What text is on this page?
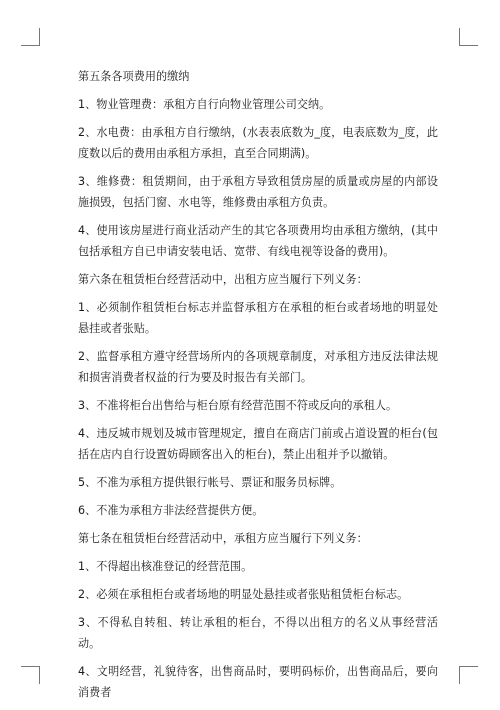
第五条各项费用的缴纳

1、物业管理费：承租方自行向物业管理公司交纳。

2、水电费：由承租方自行缴纳，(水表表底数为_度，电表底数为_度，此度数以后的费用由承租方承担，直至合同期满)。

3、维修费：租赁期间，由于承租方导致租赁房屋的质量或房屋的内部设施损毁，包括门窗、水电等，维修费由承租方负责。

4、使用该房屋进行商业活动产生的其它各项费用均由承租方缴纳，(其中包括承租方自已申请安装电话、宽带、有线电视等设备的费用)。

第六条在租赁柜台经营活动中，出租方应当履行下列义务：

1、必须制作租赁柜台标志并监督承租方在承租的柜台或者场地的明显处悬挂或者张贴。

2、监督承租方遵守经营场所内的各项规章制度，对承租方违反法律法规和损害消费者权益的行为要及时报告有关部门。

3、不准将柜台出售给与柜台原有经营范围不符或反向的承租人。

4、违反城市规划及城市管理规定，擅自在商店门前或占道设置的柜台(包括在店内自行设置妨碍顾客出入的柜台)，禁止出租并予以撤销。

5、不准为承租方提供银行帐号、票证和服务员标牌。

6、不准为承租方非法经营提供方便。

第七条在租赁柜台经营活动中，承租方应当履行下列义务：

1、不得超出核准登记的经营范围。

2、必须在承租柜台或者场地的明显处悬挂或者张贴租赁柜台标志。

3、不得私自转租、转让承租的柜台，不得以出租方的名义从事经营活动。

4、文明经营，礼貌待客，出售商品时，要明码标价，出售商品后，要向消费者
